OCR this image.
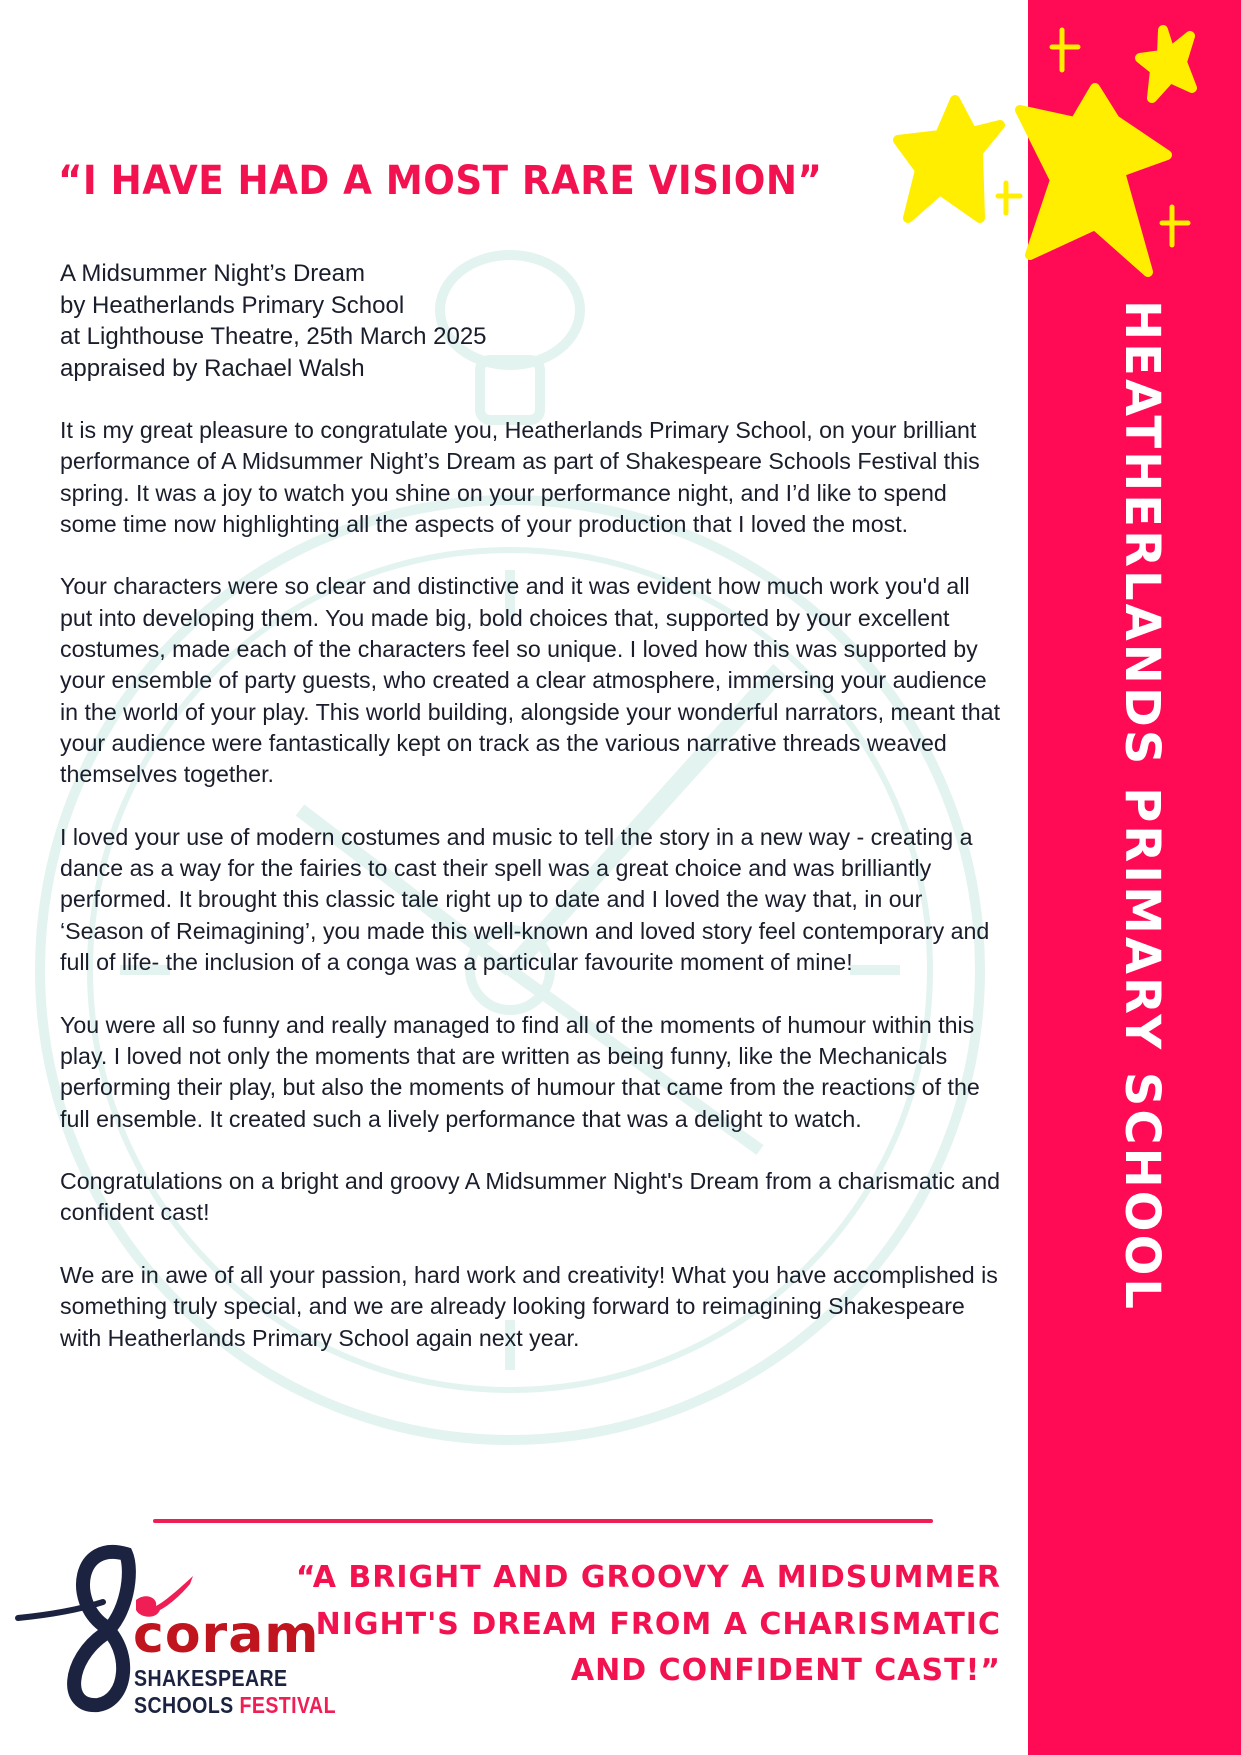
HEATHERLANDS PRIMARY SCHOOL
“I HAVE HAD A MOST RARE VISION”
A Midsummer Night’s Dream
by Heatherlands Primary School
at Lighthouse Theatre, 25th March 2025
appraised by Rachael Walsh

It is my great pleasure to congratulate you, Heatherlands Primary School, on your brilliant performance of A Midsummer Night’s Dream as part of Shakespeare Schools Festival this spring. It was a joy to watch you shine on your performance night, and I’d like to spend some time now highlighting all the aspects of your production that I loved the most.

Your characters were so clear and distinctive and it was evident how much work you'd all put into developing them. You made big, bold choices that, supported by your excellent costumes, made each of the characters feel so unique. I loved how this was supported by your ensemble of party guests, who created a clear atmosphere, immersing your audience in the world of your play. This world building, alongside your wonderful narrators, meant that your audience were fantastically kept on track as the various narrative threads weaved themselves together.

I loved your use of modern costumes and music to tell the story in a new way - creating a dance as a way for the fairies to cast their spell was a great choice and was brilliantly performed. It brought this classic tale right up to date and I loved the way that, in our ‘Season of Reimagining’, you made this well-known and loved story feel contemporary and full of life- the inclusion of a conga was a particular favourite moment of mine!

You were all so funny and really managed to find all of the moments of humour within this play. I loved not only the moments that are written as being funny, like the Mechanicals performing their play, but also the moments of humour that came from the reactions of the full ensemble. It created such a lively performance that was a delight to watch.

Congratulations on a bright and groovy A Midsummer Night's Dream from a charismatic and confident cast!

We are in awe of all your passion, hard work and creativity! What you have accomplished is something truly special, and we are already looking forward to reimagining Shakespeare with Heatherlands Primary School again next year.

coram
SHAKESPEARE
SCHOOLS FESTIVAL
“A BRIGHT AND GROOVY A MIDSUMMER
NIGHT'S DREAM FROM A CHARISMATIC
AND CONFIDENT CAST!”
